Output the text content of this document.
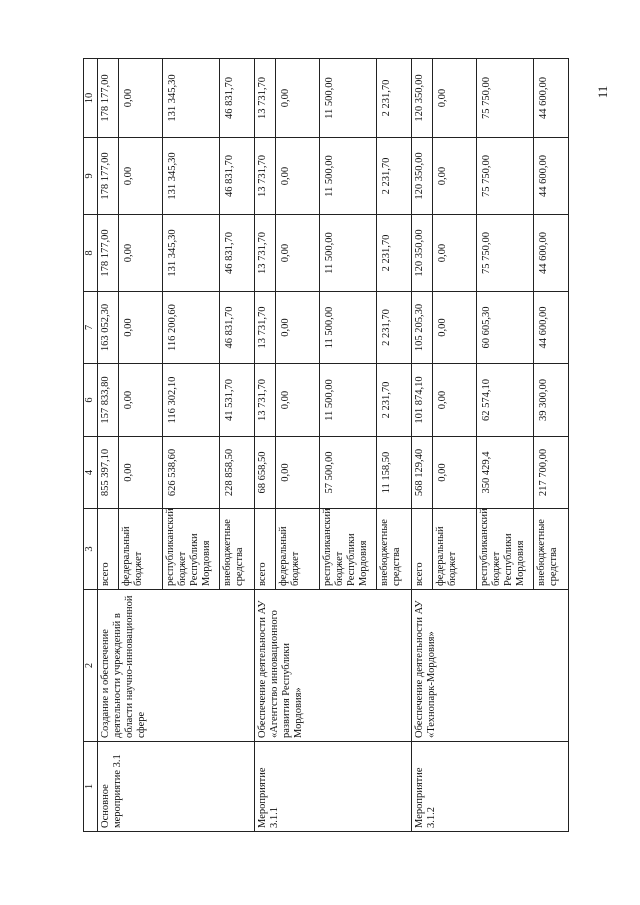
11
1	2	3	4	6	7	8	9	10
Основное мероприятие 3.1	Создание и обеспечение деятельности учреждений в области научно-инновационной сфере	всего	855 397,10	157 833,80	163 052,30	178 177,00	178 177,00	178 177,00
		федеральный бюджет	0,00	0,00	0,00	0,00	0,00	0,00
		республиканский бюджет Республики Мордовия	626 538,60	116 302,10	116 200,60	131 345,30	131 345,30	131 345,30
		внебюджетные средства	228 858,50	41 531,70	46 831,70	46 831,70	46 831,70	46 831,70
Мероприятие 3.1.1	Обеспечение деятельности АУ «Агентство инновационного развития Республики Мордовия»	всего	68 658,50	13 731,70	13 731,70	13 731,70	13 731,70	13 731,70
		федеральный бюджет	0,00	0,00	0,00	0,00	0,00	0,00
		республиканский бюджет Республики Мордовия	57 500,00	11 500,00	11 500,00	11 500,00	11 500,00	11 500,00
		внебюджетные средства	11 158,50	2 231,70	2 231,70	2 231,70	2 231,70	2 231,70
Мероприятие 3.1.2	Обеспечение деятельности АУ «Технопарк-Мордовия»	всего	568 129,40	101 874,10	105 205,30	120 350,00	120 350,00	120 350,00
		федеральный бюджет	0,00	0,00	0,00	0,00	0,00	0,00
		республиканский бюджет Республики Мордовия	350 429,4	62 574,10	60 605,30	75 750,00	75 750,00	75 750,00
		внебюджетные средства	217 700,00	39 300,00	44 600,00	44 600,00	44 600,00	44 600,00
